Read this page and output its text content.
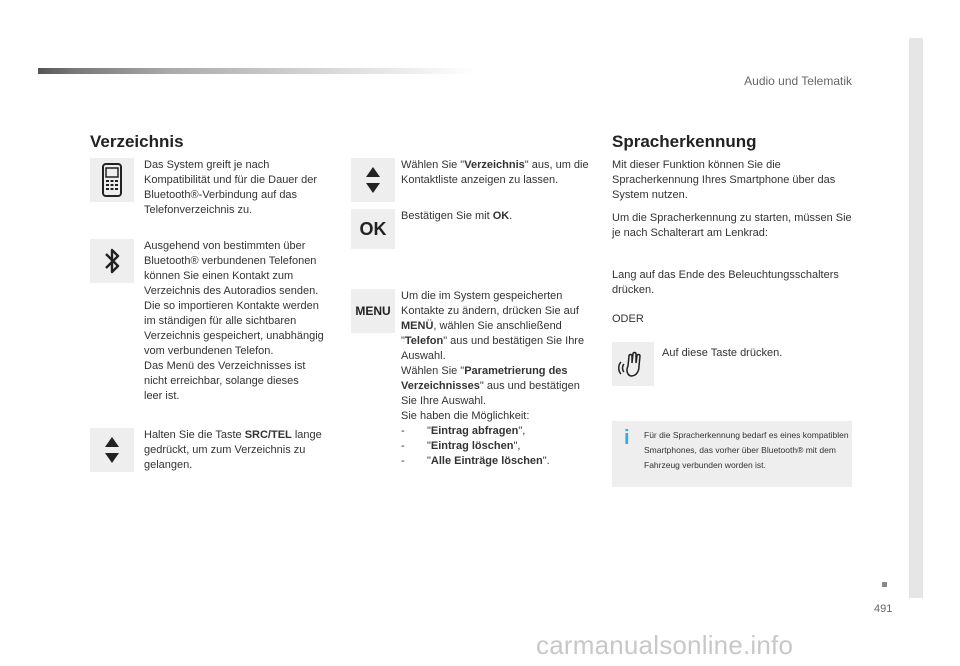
Audio und Telematik
491
carmanualsonline.info
Verzeichnis
Das System greift je nach Kompatibilität und für die Dauer der Bluetooth®-Verbindung auf das Telefonverzeichnis zu.
Ausgehend von bestimmten über
Bluetooth® verbundenen Telefonen
können Sie einen Kontakt zum
Verzeichnis des Autoradios senden.
Die so importieren Kontakte werden
im ständigen für alle sichtbaren
Verzeichnis gespeichert, unabhängig
vom verbundenen Telefon.
Das Menü des Verzeichnisses ist
nicht erreichbar, solange dieses
leer ist.
Halten Sie die Taste SRC/TEL lange gedrückt, um zum Verzeichnis zu gelangen.
Wählen Sie "Verzeichnis" aus, um die Kontaktliste anzeigen zu lassen.
OK
Bestätigen Sie mit OK.
MENU
Um die im System gespeicherten Kontakte zu ändern, drücken Sie auf MENÜ, wählen Sie anschließend "Telefon" aus und bestätigen Sie Ihre Auswahl.
Wählen Sie "Parametrierung des Verzeichnisses" aus und bestätigen Sie Ihre Auswahl.
Sie haben die Möglichkeit:
-	"Eintrag abfragen",
-	"Eintrag löschen",
-	"Alle Einträge löschen".
Spracherkennung
Mit dieser Funktion können Sie die Spracherkennung Ihres Smartphone über das System nutzen.
Um die Spracherkennung zu starten, müssen Sie je nach Schalterart am Lenkrad:
Lang auf das Ende des Beleuchtungsschalters drücken.
ODER
Auf diese Taste drücken.
i Für die Spracherkennung bedarf es eines kompatiblen Smartphones, das vorher über Bluetooth® mit dem Fahrzeug verbunden worden ist.
